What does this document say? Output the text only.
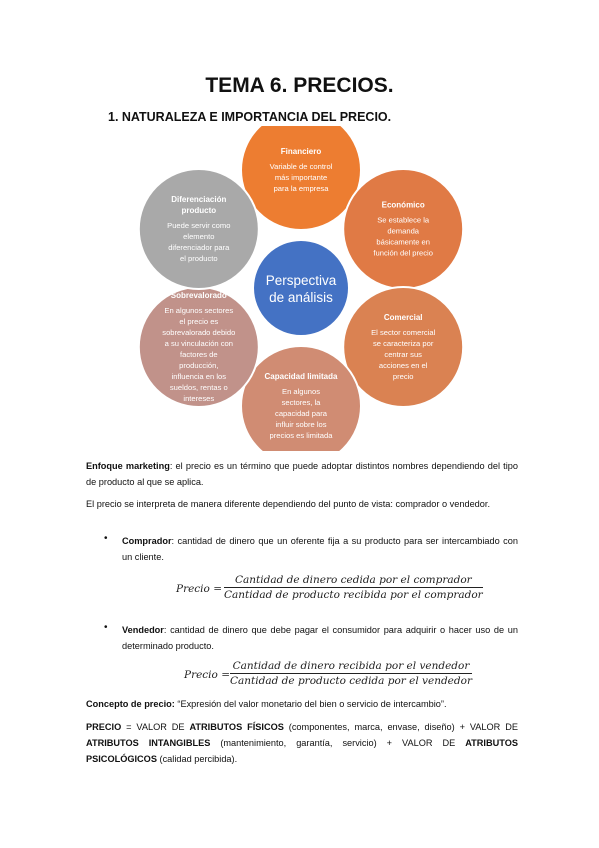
TEMA 6. PRECIOS.
1. NATURALEZA E IMPORTANCIA DEL PRECIO.
Financiero
Variable de control
más importante
para la empresa
Económico
Se establece la
demanda
básicamente en
función del precio
Comercial
El sector comercial
se caracteriza por
centrar sus
acciones en el
precio
Capacidad limitada
En algunos
sectores, la
capacidad para
influir sobre los
precios es limitada
Sobrevalorado
En algunos sectores
el precio es
sobrevalorado debido
a su vinculación con
factores de
producción,
influencia en los
sueldos, rentas o
intereses
Diferenciación
producto
Puede servir como
elemento
diferenciador para
el producto
Perspectiva
de análisis
Enfoque marketing: el precio es un término que puede adoptar distintos nombres dependiendo del tipo de producto al que se aplica.
El precio se interpreta de manera diferente dependiendo del punto de vista: comprador o vendedor.
• Comprador: cantidad de dinero que un oferente fija a su producto para ser intercambiado con un cliente.
Precio =
Cantidad de dinero cedida por el comprador
Cantidad de producto recibida por el comprador
• Vendedor: cantidad de dinero que debe pagar el consumidor para adquirir o hacer uso de un determinado producto.
Precio =
Cantidad de dinero recibida por el vendedor
Cantidad de producto cedida por el vendedor
Concepto de precio: “Expresión del valor monetario del bien o servicio de intercambio”.
PRECIO = VALOR DE ATRIBUTOS FÍSICOS (componentes, marca, envase, diseño) + VALOR DE ATRIBUTOS INTANGIBLES (mantenimiento, garantía, servicio) + VALOR DE ATRIBUTOS PSICOLÓGICOS (calidad percibida).
